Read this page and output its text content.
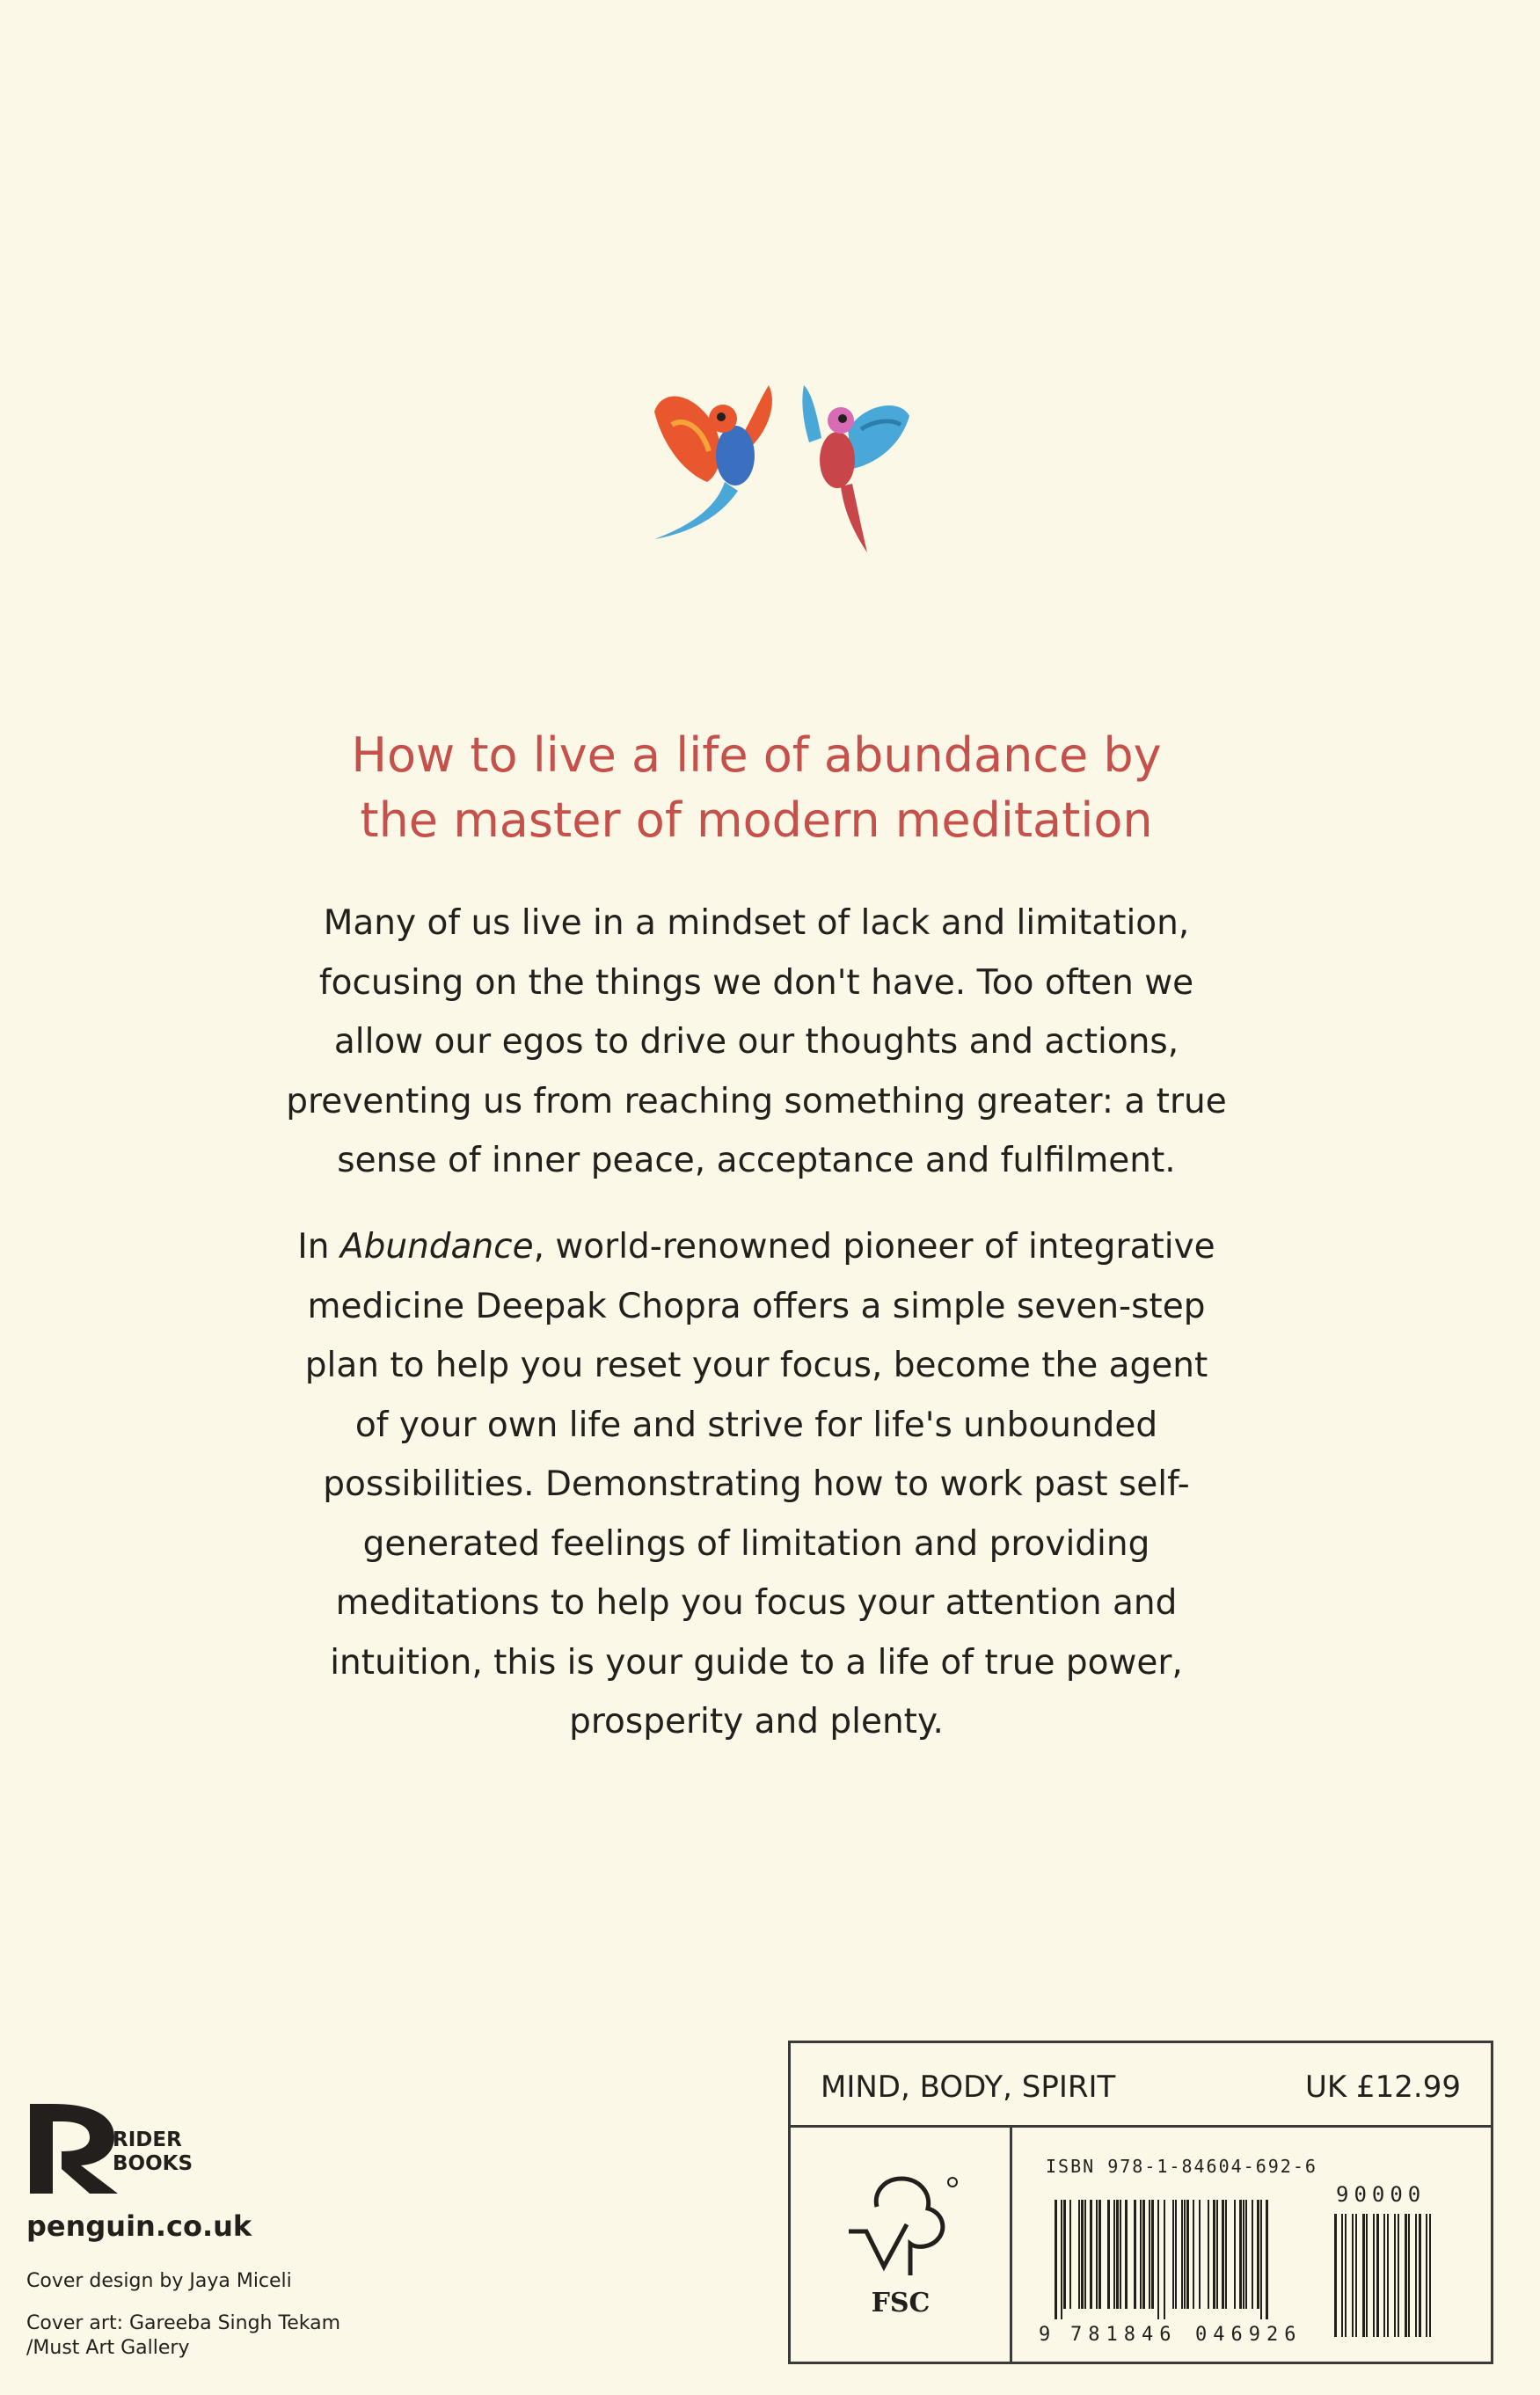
How to live a life of abundance by
the master of modern meditation
Many of us live in a mindset of lack and limitation,
focusing on the things we don't have. Too often we
allow our egos to drive our thoughts and actions,
preventing us from reaching something greater: a true
sense of inner peace, acceptance and fulfilment.
In Abundance, world-renowned pioneer of integrative
medicine Deepak Chopra offers a simple seven-step
plan to help you reset your focus, become the agent
of your own life and strive for life's unbounded
possibilities. Demonstrating how to work past self-
generated feelings of limitation and providing
meditations to help you focus your attention and
intuition, this is your guide to a life of true power,
prosperity and plenty.
RIDER
BOOKS
penguin.co.uk
Cover design by Jaya Miceli
Cover art: Gareeba Singh Tekam
/Must Art Gallery
MIND, BODY, SPIRIT	UK £12.99
FSC
ISBN 978-1-84604-692-6
9 781846 046926
90000
